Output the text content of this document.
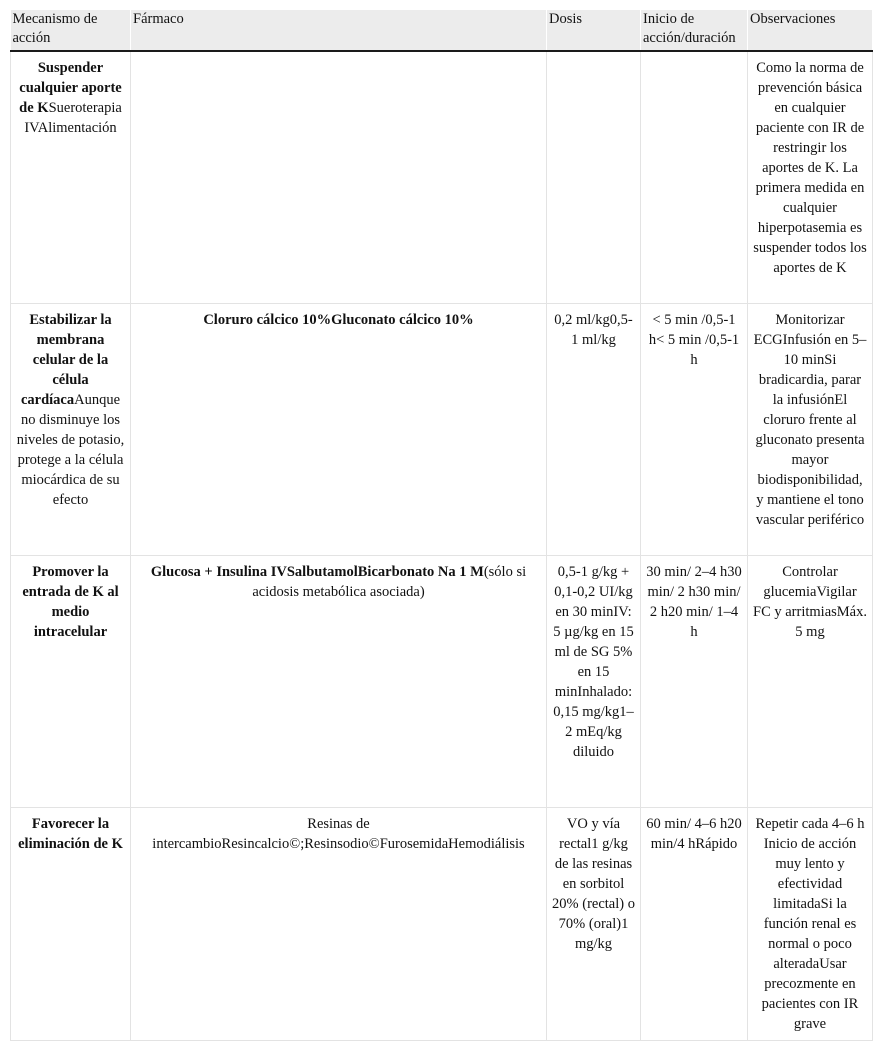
Mecanismo de acción	Fármaco	Dosis	Inicio de acción/duración	Observaciones
Suspender cualquier aporte de KSueroterapia IVAlimentación				Como la norma de prevención básica en cualquier paciente con IR de restringir los aportes de K. La primera medida en cualquier hiperpotasemia es suspender todos los aportes de K
Estabilizar la membrana celular de la célula cardíacaAunque no disminuye los niveles de potasio, protege a la célula miocárdica de su efecto	Cloruro cálcico 10%Gluconato cálcico 10%	0,2 ml/kg0,5-1 ml/kg	< 5 min /0,5-1 h< 5 min /0,5-1 h	Monitorizar ECGInfusión en 5–10 minSi bradicardia, parar la infusiónEl cloruro frente al gluconato presenta mayor biodisponibilidad, y mantiene el tono vascular periférico
Promover la entrada de K al medio intracelular	Glucosa + Insulina IVSalbutamolBicarbonato Na 1 M(sólo si acidosis metabólica asociada)	0,5-1 g/kg + 0,1-0,2 UI/kg en 30 minIV: 5 µg/kg en 15 ml de SG 5% en 15 minInhalado: 0,15 mg/kg1–2 mEq/kg diluido	30 min/ 2–4 h30 min/ 2 h30 min/ 2 h20 min/ 1–4 h	Controlar glucemiaVigilar FC y arritmiasMáx. 5 mg
Favorecer la eliminación de K	Resinas de intercambioResincalcio©;Resinsodio©FurosemidaHemodiálisis	VO y vía rectal1 g/kg de las resinas en sorbitol 20% (rectal) o 70% (oral)1 mg/kg	60 min/ 4–6 h20 min/4 hRápido	Repetir cada 4–6 h Inicio de acción muy lento y efectividad limitadaSi la función renal es normal o poco alteradaUsar precozmente en pacientes con IR grave
